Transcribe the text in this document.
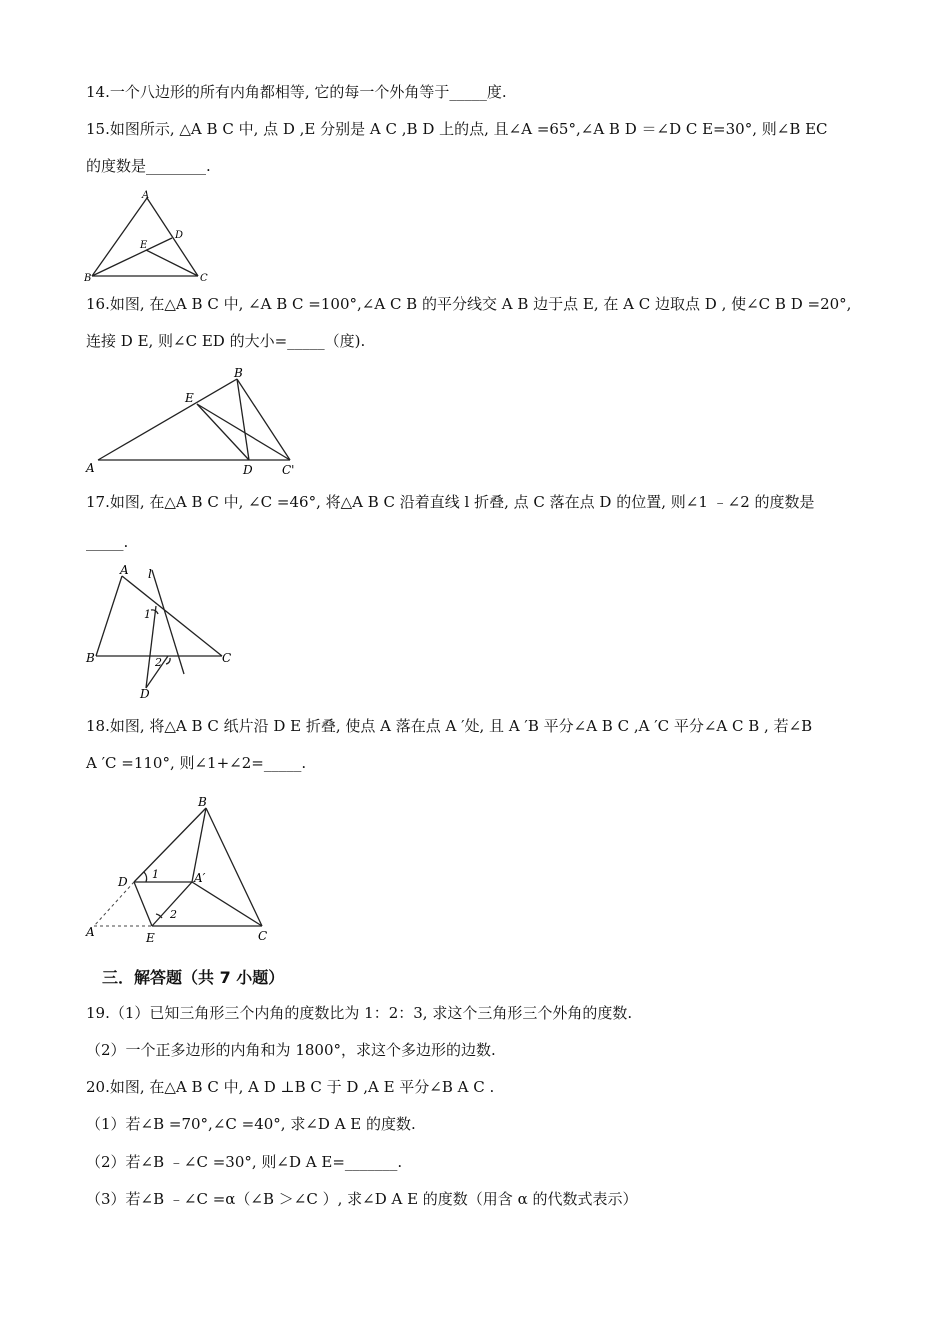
14.一个八边形的所有内角都相等, 它的每一个外角等于_____度.
15.如图所示, △A B C 中, 点 D ,E 分别是 A C ,B D 上的点, 且∠A =65°,∠A B D ＝∠D C E=30°, 则∠B EC
的度数是________.
A
B	C
D
E
16.如图, 在△A B C 中, ∠A B C =100°,∠A C B 的平分线交 A B 边于点 E, 在 A C 边取点 D , 使∠C B D =20°,
连接 D E, 则∠C ED 的大小=_____（度).
B
E
A	D C'
17.如图, 在△A B C 中, ∠C =46°, 将△A B C 沿着直线 l 折叠, 点 C 落在点 D 的位置, 则∠1 ﹣∠2 的度数是
_____.
A
B	C
D
l
1
2
18.如图, 将△A B C 纸片沿 D E 折叠, 使点 A 落在点 A ′处, 且 A ′B 平分∠A B C ,A ′C 平分∠A C B , 若∠B
A ′C =110°, 则∠1+∠2=_____.
B
D
1	A′
2
A	E	C
三．解答题（共 7 小题）
19.（1）已知三角形三个内角的度数比为 1：2：3, 求这个三角形三个外角的度数.
（2）一个正多边形的内角和为 1800°，求这个多边形的边数.
20.如图, 在△A B C 中, A D ⊥B C 于 D ,A E 平分∠B A C .
（1）若∠B =70°,∠C =40°, 求∠D A E 的度数.
（2）若∠B ﹣∠C =30°, 则∠D A E=_______.
（3）若∠B ﹣∠C =α（∠B ＞∠C ）, 求∠D A E 的度数（用含 α 的代数式表示）
